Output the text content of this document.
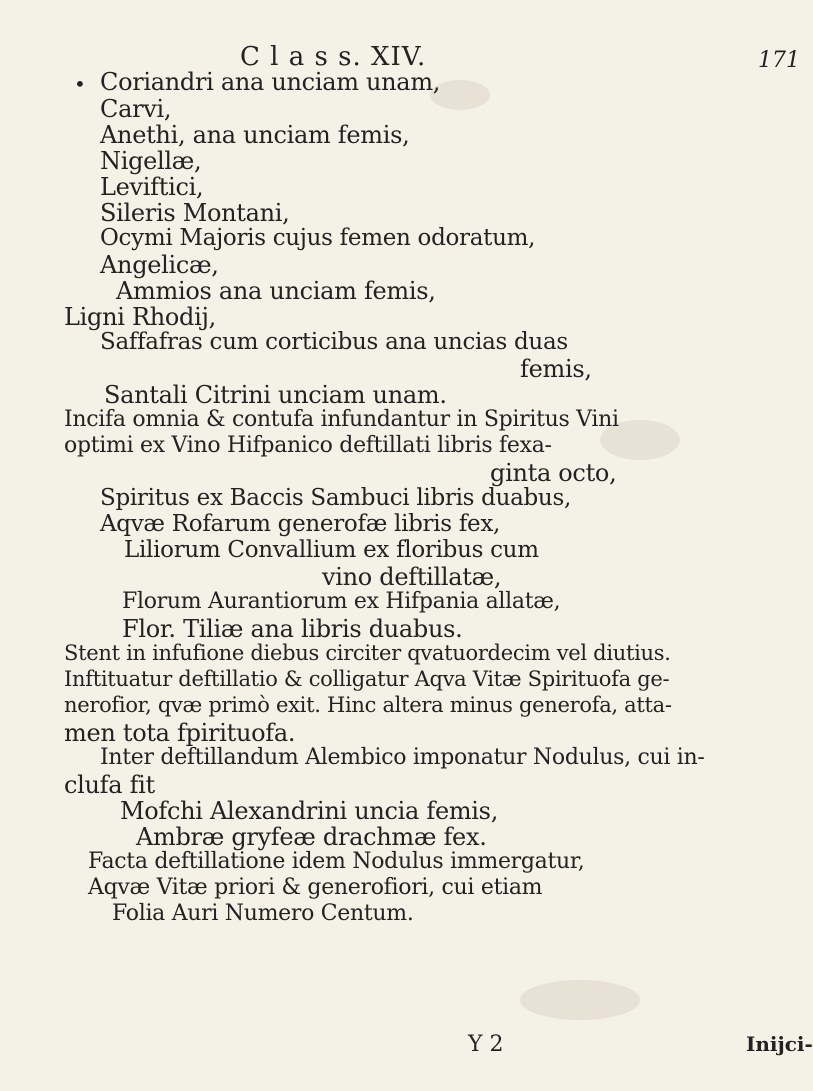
C l a s s. XIV.	171
• Coriandri ana unciam unam,
Carvi,
Anethi, ana unciam femis,
Nigellæ,
Leviftici,
Sileris Montani,
Ocymi Majoris cujus femen odoratum,
Angelicæ,
Ammios ana unciam femis,
Ligni Rhodij,
Saffafras cum corticibus ana uncias duas
femis,
Santali Citrini unciam unam.
Incifa omnia & contufa infundantur in Spiritus Vini
optimi ex Vino Hifpanico deftillati libris fexa-
ginta octo,
Spiritus ex Baccis Sambuci libris duabus,
Aqvæ Rofarum generofæ libris fex,
Liliorum Convallium ex floribus cum
vino deftillatæ,
Florum Aurantiorum ex Hifpania allatæ,
Flor. Tiliæ ana libris duabus.
Stent in infufione diebus circiter qvatuordecim vel diutius.
Inftituatur deftillatio & colligatur Aqva Vitæ Spirituofa ge-
nerofior, qvæ primò exit. Hinc altera minus generofa, atta-
men tota fpirituofa.
Inter deftillandum Alembico imponatur Nodulus, cui in-
clufa fit
Mofchi Alexandrini uncia femis,
Ambræ gryfeæ drachmæ fex.
Facta deftillatione idem Nodulus immergatur,
Aqvæ Vitæ priori & generofiori, cui etiam
Folia Auri Numero Centum.
Y 2	Inijci-
